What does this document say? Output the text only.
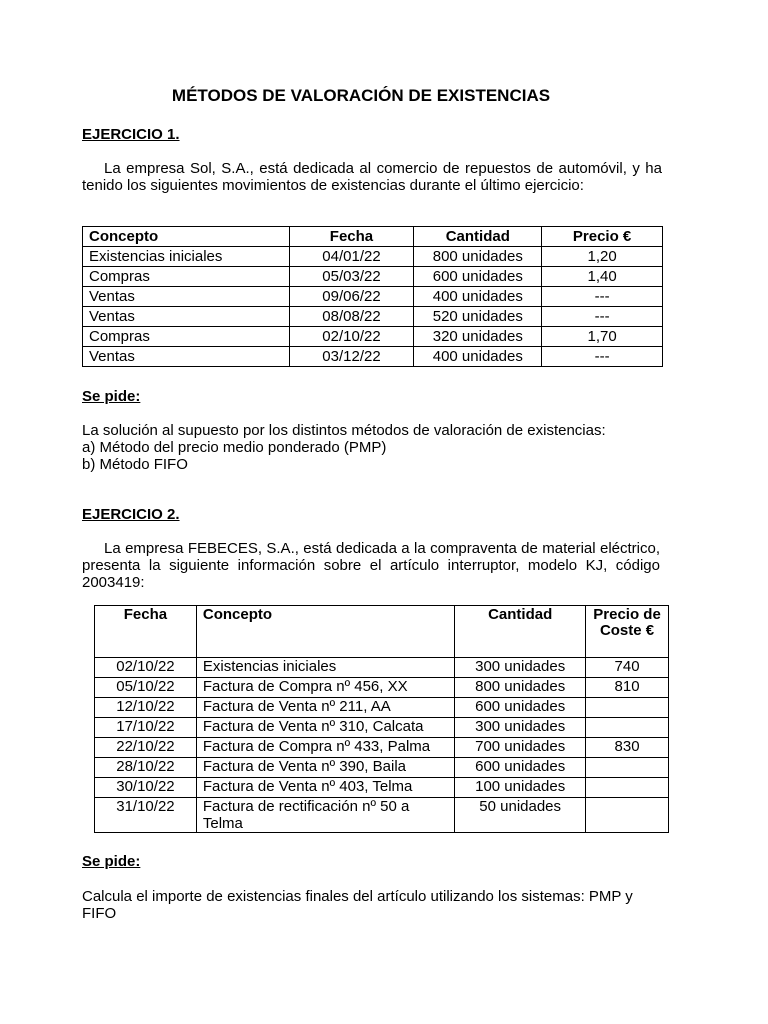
MÉTODOS DE VALORACIÓN DE EXISTENCIAS
EJERCICIO 1.
La empresa Sol, S.A., está dedicada al comercio de repuestos de automóvil, y ha tenido los siguientes movimientos de existencias durante el último ejercicio:
Concepto	Fecha	Cantidad	Precio €
Existencias iniciales	04/01/22	800 unidades	1,20
Compras	05/03/22	600 unidades	1,40
Ventas	09/06/22	400 unidades	---
Ventas	08/08/22	520 unidades	---
Compras	02/10/22	320 unidades	1,70
Ventas	03/12/22	400 unidades	---
Se pide:
La solución al supuesto por los distintos métodos de valoración de existencias:
a) Método del precio medio ponderado (PMP)
b) Método FIFO
EJERCICIO 2.
La empresa FEBECES, S.A., está dedicada a la compraventa de material eléctrico, presenta la siguiente información sobre el artículo interruptor, modelo KJ, código 2003419:
Fecha	Concepto	Cantidad	Precio de Coste €
02/10/22	Existencias iniciales	300 unidades	740
05/10/22	Factura de Compra nº 456, XX	800 unidades	810
12/10/22	Factura de Venta nº 211, AA	600 unidades	
17/10/22	Factura de Venta nº 310, Calcata	300 unidades	
22/10/22	Factura de Compra nº 433, Palma	700 unidades	830
28/10/22	Factura de Venta nº 390, Baila	600 unidades	
30/10/22	Factura de Venta nº 403, Telma	100 unidades	
31/10/22	Factura de rectificación nº 50 a Telma	50 unidades	
Se pide:
Calcula el importe de existencias finales del artículo utilizando los sistemas: PMP y FIFO
